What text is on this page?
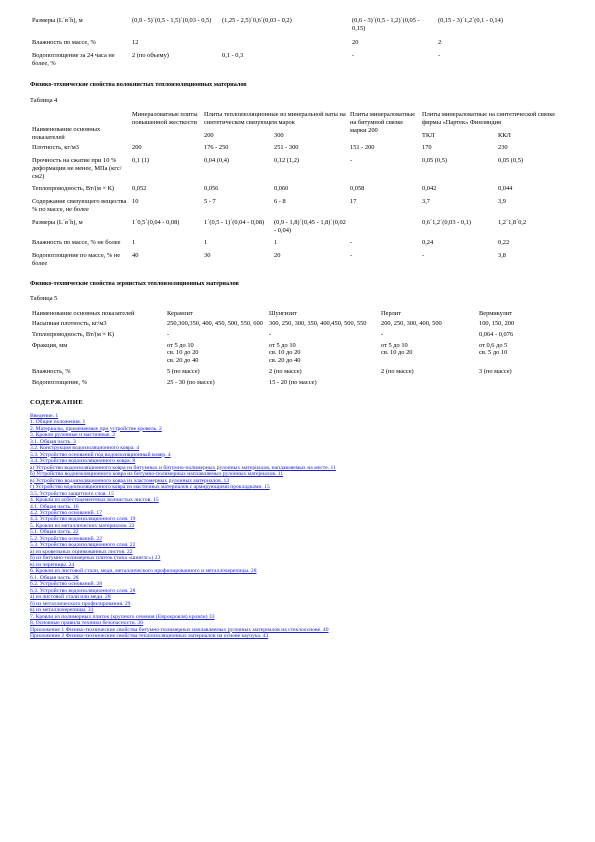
Размеры (L´в´h), м	(0,9 - 5)´(0,5 - 1,5)´(0,03 - 0,5)	(1,25 - 2,5)´0,6´(0,03 - 0,2)	(0,6 - 3)´(0,5 - 1,2)´(0,05 - 0,15)	(0,15 - 3)´1,2´(0,1 - 0,14)
Влажность по массе, %	12		20	2
Водопоглощение за 24 часа не более, %	2 (по объему)	0,1 - 0,3	-	-
Физико-технические свойства волокнистых теплоизоляционных материалов
Таблица 4
Наименование основных показателей	Минераловатные плиты повышенной жесткости	Плиты теплоизоляционные из минеральной ваты на синтетическом связующем марок		Плиты минераловатные на битумной связке марки 200	Плиты минераловатные на синтетической связке фирмы «Партек» Финляндия	
		200	300		ТКЛ	ККЛ
Плотность, кг/м3	200	176 - 250	251 - 300	151 - 200	170	230
Прочность на сжатие при 10 % деформации не менее, МПа (кгс/см2)	0,1 (1)	0,04 (0,4)	0,12 (1,2)	-	0,05 (0,5)	0,05 (0,5)
Теплопроводность, Вт/(м × К)	0,052	0,056	0,060	0,058	0,042	0,044
Содержание связующего вещества % по массе, не более	10	5 - 7	6 - 8	17	3,7	3,9
Размеры (L´в´h), м	1´0,5´(0,04 - 0,08)	1´(0,5 - 1)´(0,04 - 0,08)	(0,9 - 1,8)´(0,45 - 1,8)´(0,02 - 0,04)		0,6´1,2´(0,03 - 0,1)	1,2´1,8´0,2
Влажность по массе, % не более	1	1	1	-	0,24	0,22
Водопоглощение по массе, % не более	40	30	20	-	-	3,8
Физико-технические свойства зернистых теплоизоляционных материалов
Таблица 5
Наименование основных показателей	Керамзит	Шунгизит	Перлит	Вермикулит
Насыпная плотность, кг/м3	250,300,350, 400, 450, 500, 550, 600	300, 250, 300, 350, 400,450, 500, 550	200, 250, 300, 400, 500	100, 150, 200
Теплопроводность, Вт/(м × К)	-	-	-	0,064 - 0,076
Фракция, мм	от 5 до 10
св. 10 до 20
св. 20 до 40	от 5 до 10
св. 10 до 20
св. 20 до 40	от 5 до 10
св. 10 до 20	от 0,6 до 5
св. 5 до 10
Влажность, %	5 (по массе)	2 (по массе)	2 (по массе)	3 (по массе)
Водопоглощение, %	25 - 30 (по массе)	15 - 20 (по массе)		
СОДЕРЖАНИЕ
Введение. 1
1. Общие положения. 1
2. Материалы, применяемые при устройстве кровель. 2
3. Кровли рулонные и мастичные. 2
3.1. Общая часть. 3
3.2. Конструкция водоизоляционного ковра. 4
3.3. Устройство оснований под водоизоляционный ковер. 4
3.4. Устройство водоизоляционного ковра. 8
а) Устройство водоизоляционного ковра из битумных и битумно-полимерных рулонных материалов, наплавляемых на месте. 11
б) Устройство водоизоляционного ковра из битумно-полимерных наплавляемых рулонных материалов. 11
в) Устройство водоизоляционного ковра из эластомерных рулонных материалов. 13
г) Устройство водоизоляционного ковра из мастичных материалов с армирующими прокладками. 15
3.5. Устройство защитного слоя. 15
4. Кровли из асбестоцементных волнистых листов. 15
4.1. Общая часть. 16
4.2. Устройство оснований. 17
4.3. Устройство водоизоляционного слоя. 19
5. Кровли из металлических материалов. 22
5.1. Общая часть. 22
5.2. Устройство оснований. 22
5.3. Устройство водоизоляционного слоя. 22
а) из кровельных оцинкованных листов. 22
б) из битумно-полимерных плиток (типа «шинглс») 23
в) из черепицы. 24
6. Кровли из листовой стали, меди, металлического профилированного и металлочерепицы. 28
6.1. Общая часть. 28
6.2. Устройство оснований. 28
6.3. Устройство водоизоляционного слоя. 28
а) из листовой стали или меди. 28
б) из металлического профилирования. 29
в) из металлочерепицы. 31
7. Кровли из полимерных плиток (крупного сечения (Еврокровля) кровли) 33
8. Основные правила техники безопасности. 36
Приложение 1 Физико-технические свойства битумно-полимерных наплавляемых рулонных материалов на стеклооснове. 40
Приложение 2 Физико-технические свойства теплоизоляционных материалов на основе каучука. 43
